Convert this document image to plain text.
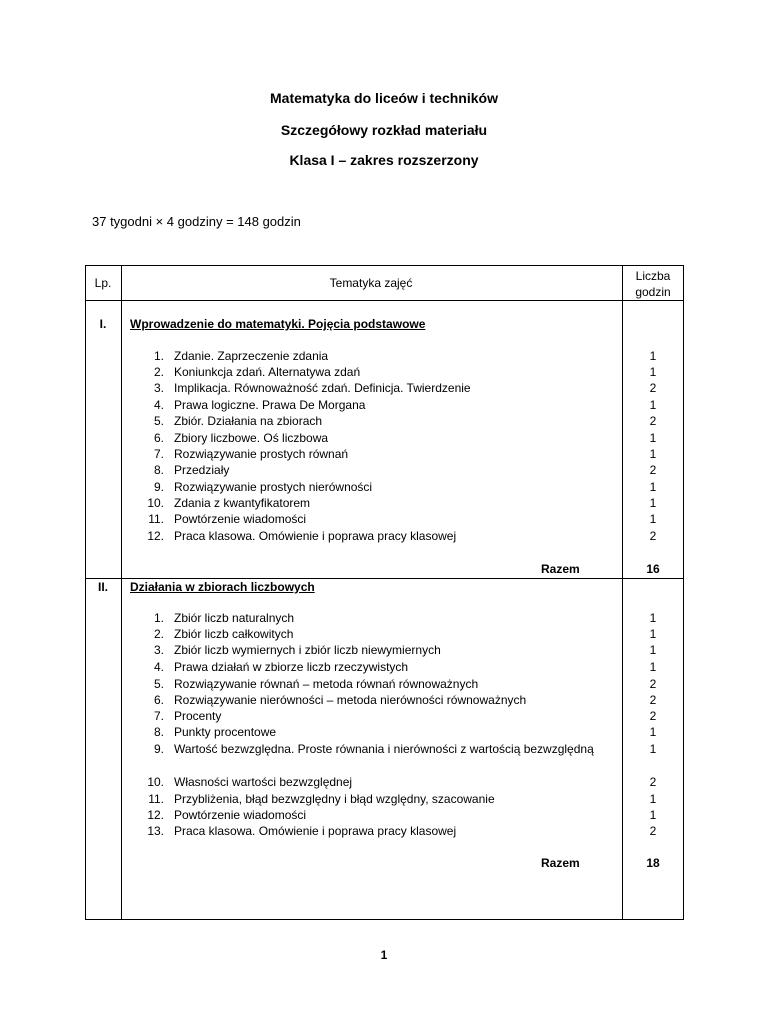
Matematyka do liceów i techników
Szczegółowy rozkład materiału
Klasa I – zakres rozszerzony
37 tygodni × 4 godziny = 148 godzin
Lp.	Tematyka zajęć	Liczba
godzin
I.	Wprowadzenie do matematyki. Pojęcia podstawowe
1. Zdanie. Zaprzeczenie zdania	1
2. Koniunkcja zdań. Alternatywa zdań	1
3. Implikacja. Równoważność zdań. Definicja. Twierdzenie	2
4. Prawa logiczne. Prawa De Morgana	1
5. Zbiór. Działania na zbiorach	2
6. Zbiory liczbowe. Oś liczbowa	1
7. Rozwiązywanie prostych równań	1
8. Przedziały	2
9. Rozwiązywanie prostych nierówności	1
10. Zdania z kwantyfikatorem	1
11. Powtórzenie wiadomości	1
12. Praca klasowa. Omówienie i poprawa pracy klasowej	2
Razem	16
II.	Działania w zbiorach liczbowych
1. Zbiór liczb naturalnych	1
2. Zbiór liczb całkowitych	1
3. Zbiór liczb wymiernych i zbiór liczb niewymiernych	1
4. Prawa działań w zbiorze liczb rzeczywistych	1
5. Rozwiązywanie równań – metoda równań równoważnych	2
6. Rozwiązywanie nierówności – metoda nierówności równoważnych	2
7. Procenty	2
8. Punkty procentowe	1
9. Wartość bezwzględna. Proste równania i nierówności z wartością bezwzględną	1
10. Własności wartości bezwzględnej	2
11. Przybliżenia, błąd bezwzględny i błąd względny, szacowanie	1
12. Powtórzenie wiadomości	1
13. Praca klasowa. Omówienie i poprawa pracy klasowej	2
Razem	18
1
